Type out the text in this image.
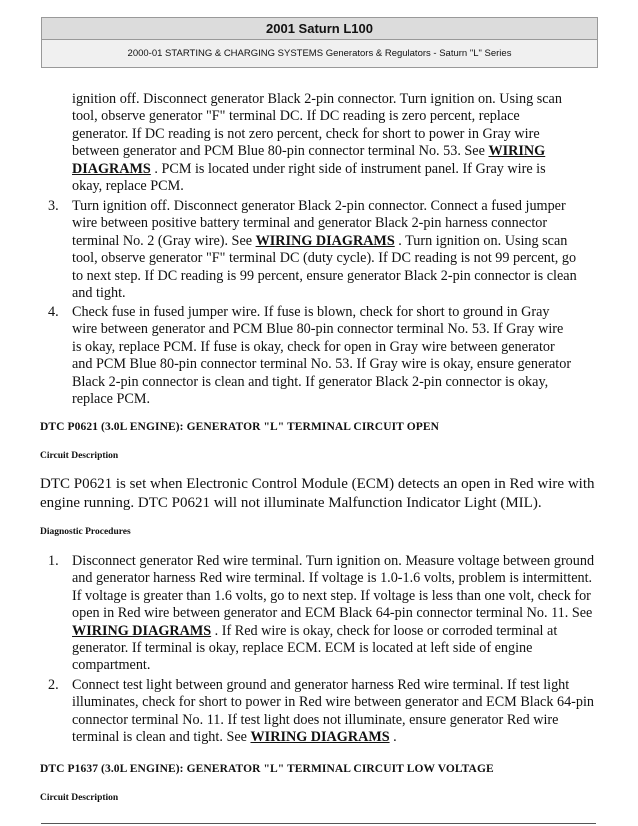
2001 Saturn L100
2000-01 STARTING & CHARGING SYSTEMS Generators & Regulators - Saturn "L" Series

ignition off. Disconnect generator Black 2-pin connector. Turn ignition on. Using scan tool, observe generator "F" terminal DC. If DC reading is zero percent, replace generator. If DC reading is not zero percent, check for short to power in Gray wire between generator and PCM Blue 80-pin connector terminal No. 53. See WIRING DIAGRAMS . PCM is located under right side of instrument panel. If Gray wire is okay, replace PCM.

3. Turn ignition off. Disconnect generator Black 2-pin connector. Connect a fused jumper wire between positive battery terminal and generator Black 2-pin harness connector terminal No. 2 (Gray wire). See WIRING DIAGRAMS . Turn ignition on. Using scan tool, observe generator "F" terminal DC (duty cycle). If DC reading is not 99 percent, go to next step. If DC reading is 99 percent, ensure generator Black 2-pin connector is clean and tight.

4. Check fuse in fused jumper wire. If fuse is blown, check for short to ground in Gray wire between generator and PCM Blue 80-pin connector terminal No. 53. If Gray wire is okay, replace PCM. If fuse is okay, check for open in Gray wire between generator and PCM Blue 80-pin connector terminal No. 53. If Gray wire is okay, ensure generator Black 2-pin connector is clean and tight. If generator Black 2-pin connector is okay, replace PCM.

DTC P0621 (3.0L ENGINE): GENERATOR "L" TERMINAL CIRCUIT OPEN

Circuit Description

DTC P0621 is set when Electronic Control Module (ECM) detects an open in Red wire with engine running. DTC P0621 will not illuminate Malfunction Indicator Light (MIL).

Diagnostic Procedures

1. Disconnect generator Red wire terminal. Turn ignition on. Measure voltage between ground and generator harness Red wire terminal. If voltage is 1.0-1.6 volts, problem is intermittent. If voltage is greater than 1.6 volts, go to next step. If voltage is less than one volt, check for open in Red wire between generator and ECM Black 64-pin connector terminal No. 11. See WIRING DIAGRAMS . If Red wire is okay, check for loose or corroded terminal at generator. If terminal is okay, replace ECM. ECM is located at left side of engine compartment.

2. Connect test light between ground and generator harness Red wire terminal. If test light illuminates, check for short to power in Red wire between generator and ECM Black 64-pin connector terminal No. 11. If test light does not illuminate, ensure generator Red wire terminal is clean and tight. See WIRING DIAGRAMS .

DTC P1637 (3.0L ENGINE): GENERATOR "L" TERMINAL CIRCUIT LOW VOLTAGE

Circuit Description
